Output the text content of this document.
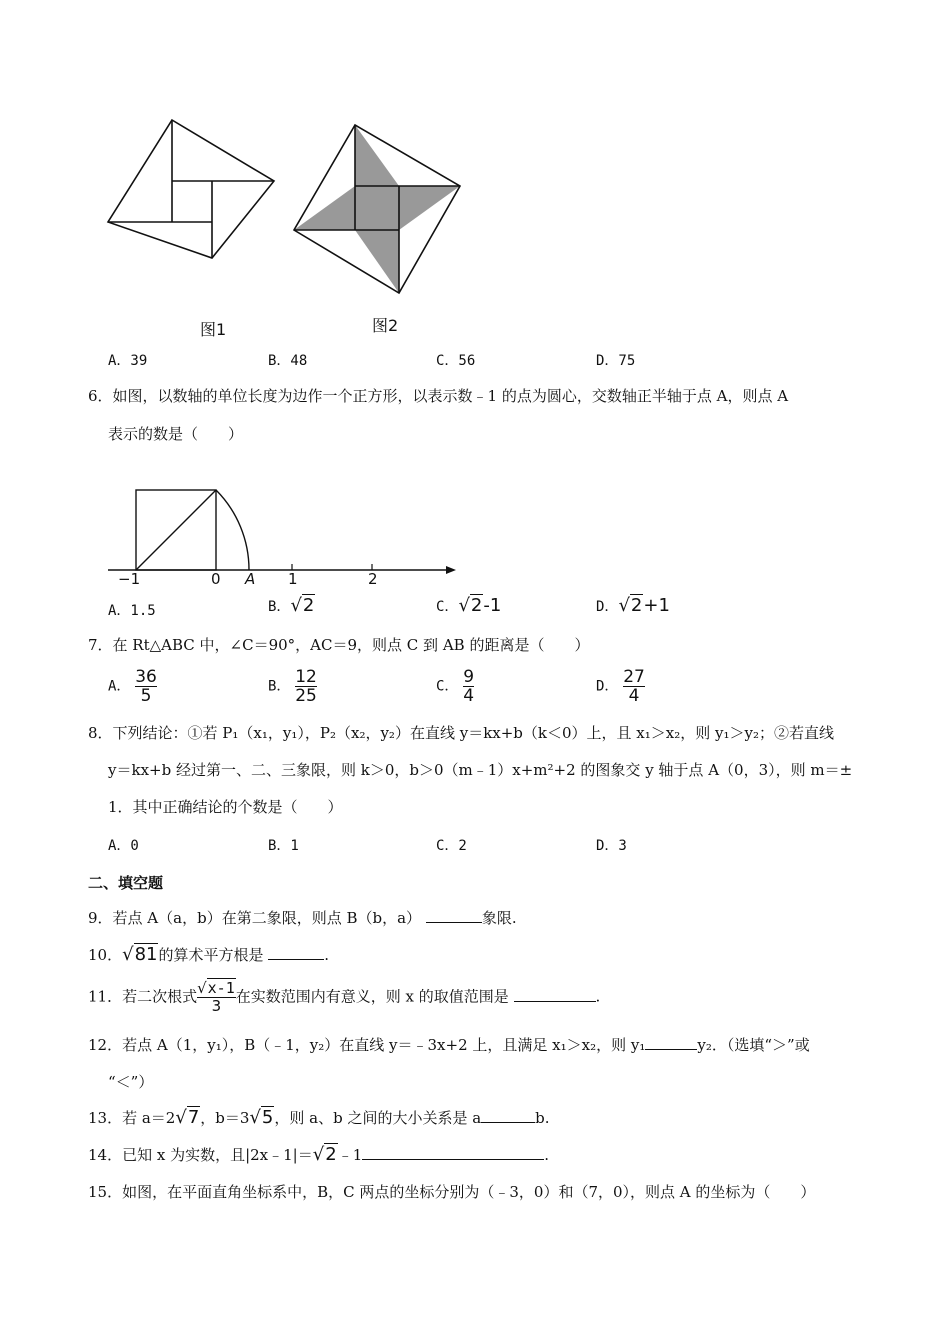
图1	图2
A．39	B．48	C．56	D．75
6．如图，以数轴的单位长度为边作一个正方形，以表示数﹣1 的点为圆心，交数轴正半轴于点 A，则点 A
表示的数是（　　）
−1	0 A 1	2
A．1.5	B．√2	C．√2-1	D．√2+1
7．在 Rt△ABC 中，∠C＝90°，AC＝9，则点 C 到 AB 的距离是（　　）
A． $\frac{36}{5}$	B． $\frac{12}{25}$	C． $\frac{9}{4}$	D． $\frac{27}{4}$
8．下列结论：①若 P₁（x₁，y₁），P₂（x₂，y₂）在直线 y＝kx+b（k＜0）上，且 x₁＞x₂，则 y₁＞y₂；②若直线
y＝kx+b 经过第一、二、三象限，则 k＞0，b＞0（m﹣1）x+m²+2 的图象交 y 轴于点 A（0，3），则 m＝±
1．其中正确结论的个数是（　　）
A．0	B．1	C．2	D．3
二、填空题
9．若点 A（a，b）在第二象限，则点 B（b，a）	象限.
10．√81的算术平方根是	.
11．若二次根式 $\frac{√x-1}{3}$ 在实数范围内有意义，则 x 的取值范围是	.
12．若点 A（1，y₁），B（﹣1，y₂）在直线 y＝﹣3x+2 上，且满足 x₁＞x₂，则 y₁	y₂．（选填“＞”或
“＜”）
13．若 a＝2√7，b＝3√5，则 a、b 之间的大小关系是 a	b.
14．已知 x 为实数，且|2x﹣1|＝√2﹣1	.
15．如图，在平面直角坐标系中，B，C 两点的坐标分别为（﹣3，0）和（7，0），则点 A 的坐标为（　　）
